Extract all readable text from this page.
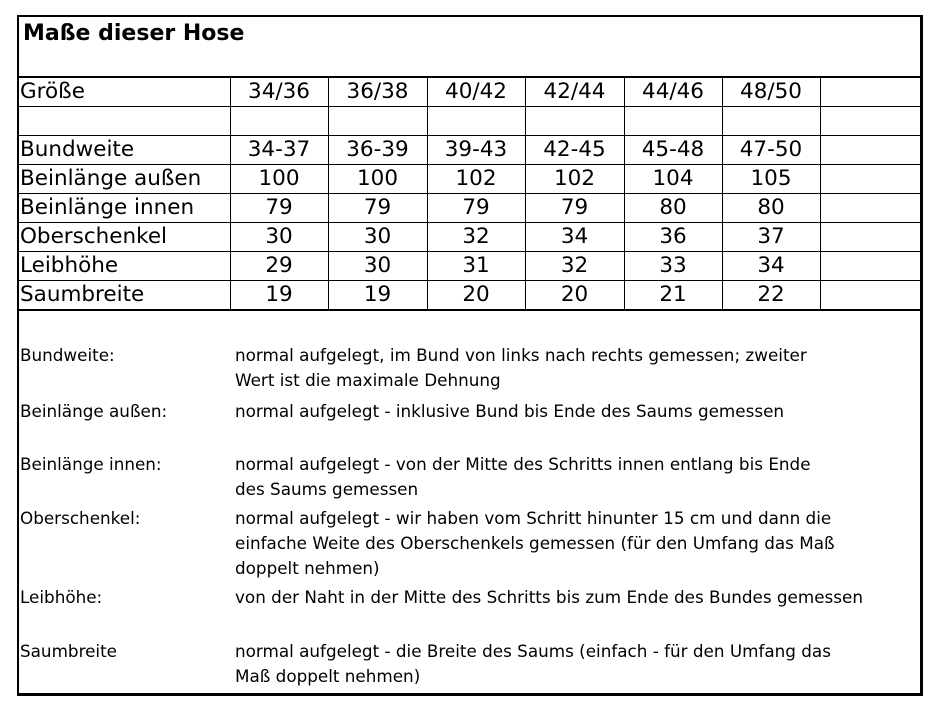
Maße dieser Hose
Größe	34/36	36/38	40/42	42/44	44/46	48/50	

Bundweite	34-37	36-39	39-43	42-45	45-48	47-50	
Beinlänge außen	100	100	102	102	104	105	
Beinlänge innen	79	79	79	79	80	80	
Oberschenkel	30	30	32	34	36	37	
Leibhöhe	29	30	31	32	33	34	
Saumbreite	19	19	20	20	21	22	
Bundweite:	normal aufgelegt, im Bund von links nach rechts gemessen; zweiter
Wert ist die maximale Dehnung
Beinlänge außen:	normal aufgelegt - inklusive Bund bis Ende des Saums gemessen
Beinlänge innen:	normal aufgelegt - von der Mitte des Schritts innen entlang bis Ende
des Saums gemessen
Oberschenkel:	normal aufgelegt - wir haben vom Schritt hinunter 15 cm und dann die
einfache Weite des Oberschenkels gemessen (für den Umfang das Maß
doppelt nehmen)
Leibhöhe:	von der Naht in der Mitte des Schritts bis zum Ende des Bundes gemessen
Saumbreite	normal aufgelegt - die Breite des Saums (einfach - für den Umfang das
Maß doppelt nehmen)
